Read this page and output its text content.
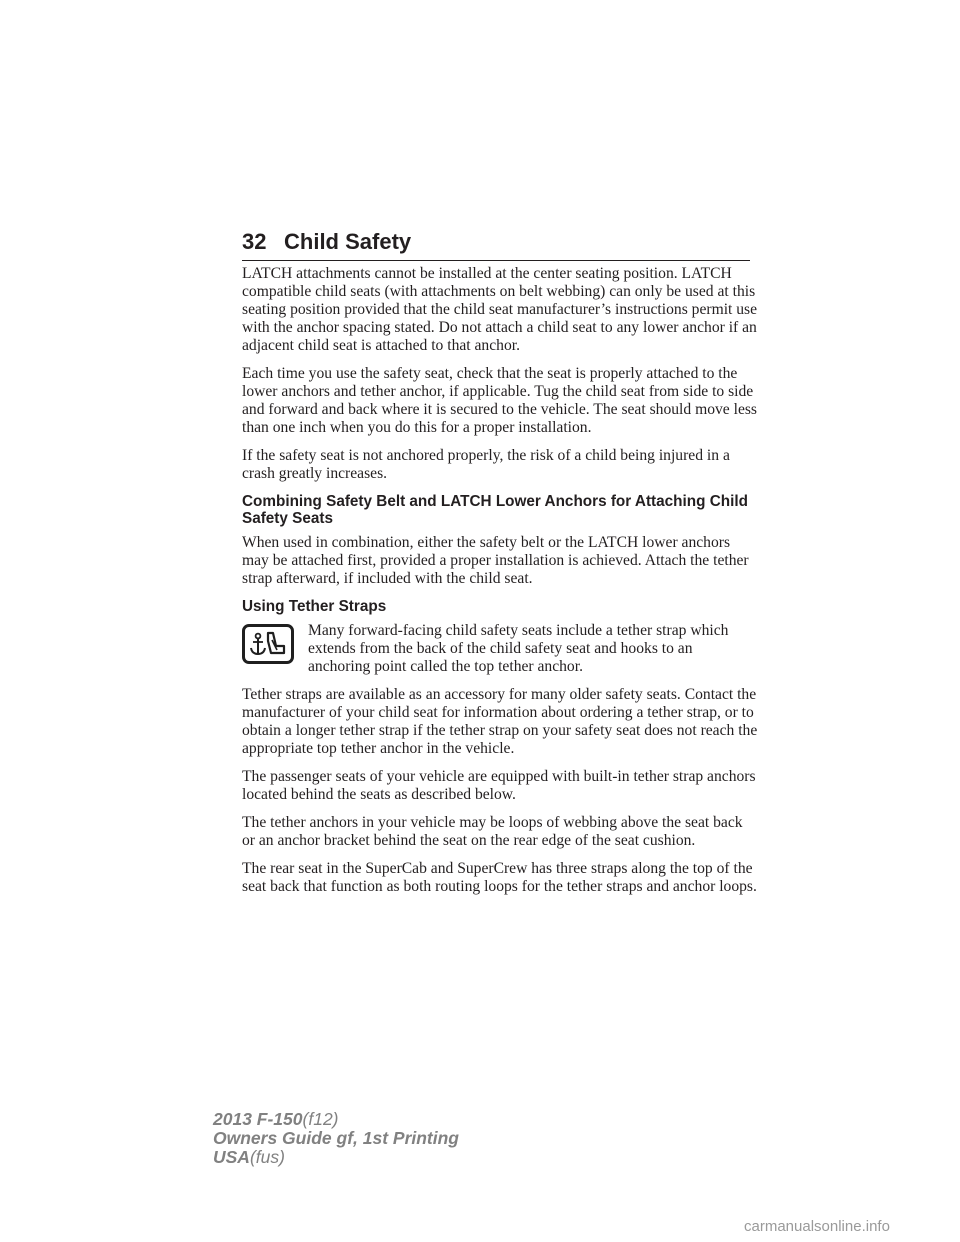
32 Child Safety

LATCH attachments cannot be installed at the center seating position. LATCH compatible child seats (with attachments on belt webbing) can only be used at this seating position provided that the child seat manufacturer’s instructions permit use with the anchor spacing stated. Do not attach a child seat to any lower anchor if an adjacent child seat is attached to that anchor.

Each time you use the safety seat, check that the seat is properly attached to the lower anchors and tether anchor, if applicable. Tug the child seat from side to side and forward and back where it is secured to the vehicle. The seat should move less than one inch when you do this for a proper installation.

If the safety seat is not anchored properly, the risk of a child being injured in a crash greatly increases.

Combining Safety Belt and LATCH Lower Anchors for Attaching Child Safety Seats

When used in combination, either the safety belt or the LATCH lower anchors may be attached first, provided a proper installation is achieved. Attach the tether strap afterward, if included with the child seat.

Using Tether Straps

Many forward-facing child safety seats include a tether strap which extends from the back of the child safety seat and hooks to an anchoring point called the top tether anchor.

Tether straps are available as an accessory for many older safety seats. Contact the manufacturer of your child seat for information about ordering a tether strap, or to obtain a longer tether strap if the tether strap on your safety seat does not reach the appropriate top tether anchor in the vehicle.

The passenger seats of your vehicle are equipped with built-in tether strap anchors located behind the seats as described below.

The tether anchors in your vehicle may be loops of webbing above the seat back or an anchor bracket behind the seat on the rear edge of the seat cushion.

The rear seat in the SuperCab and SuperCrew has three straps along the top of the seat back that function as both routing loops for the tether straps and anchor loops.

2013 F-150(f12)
Owners Guide gf, 1st Printing
USA(fus)
carmanualsonline.info
